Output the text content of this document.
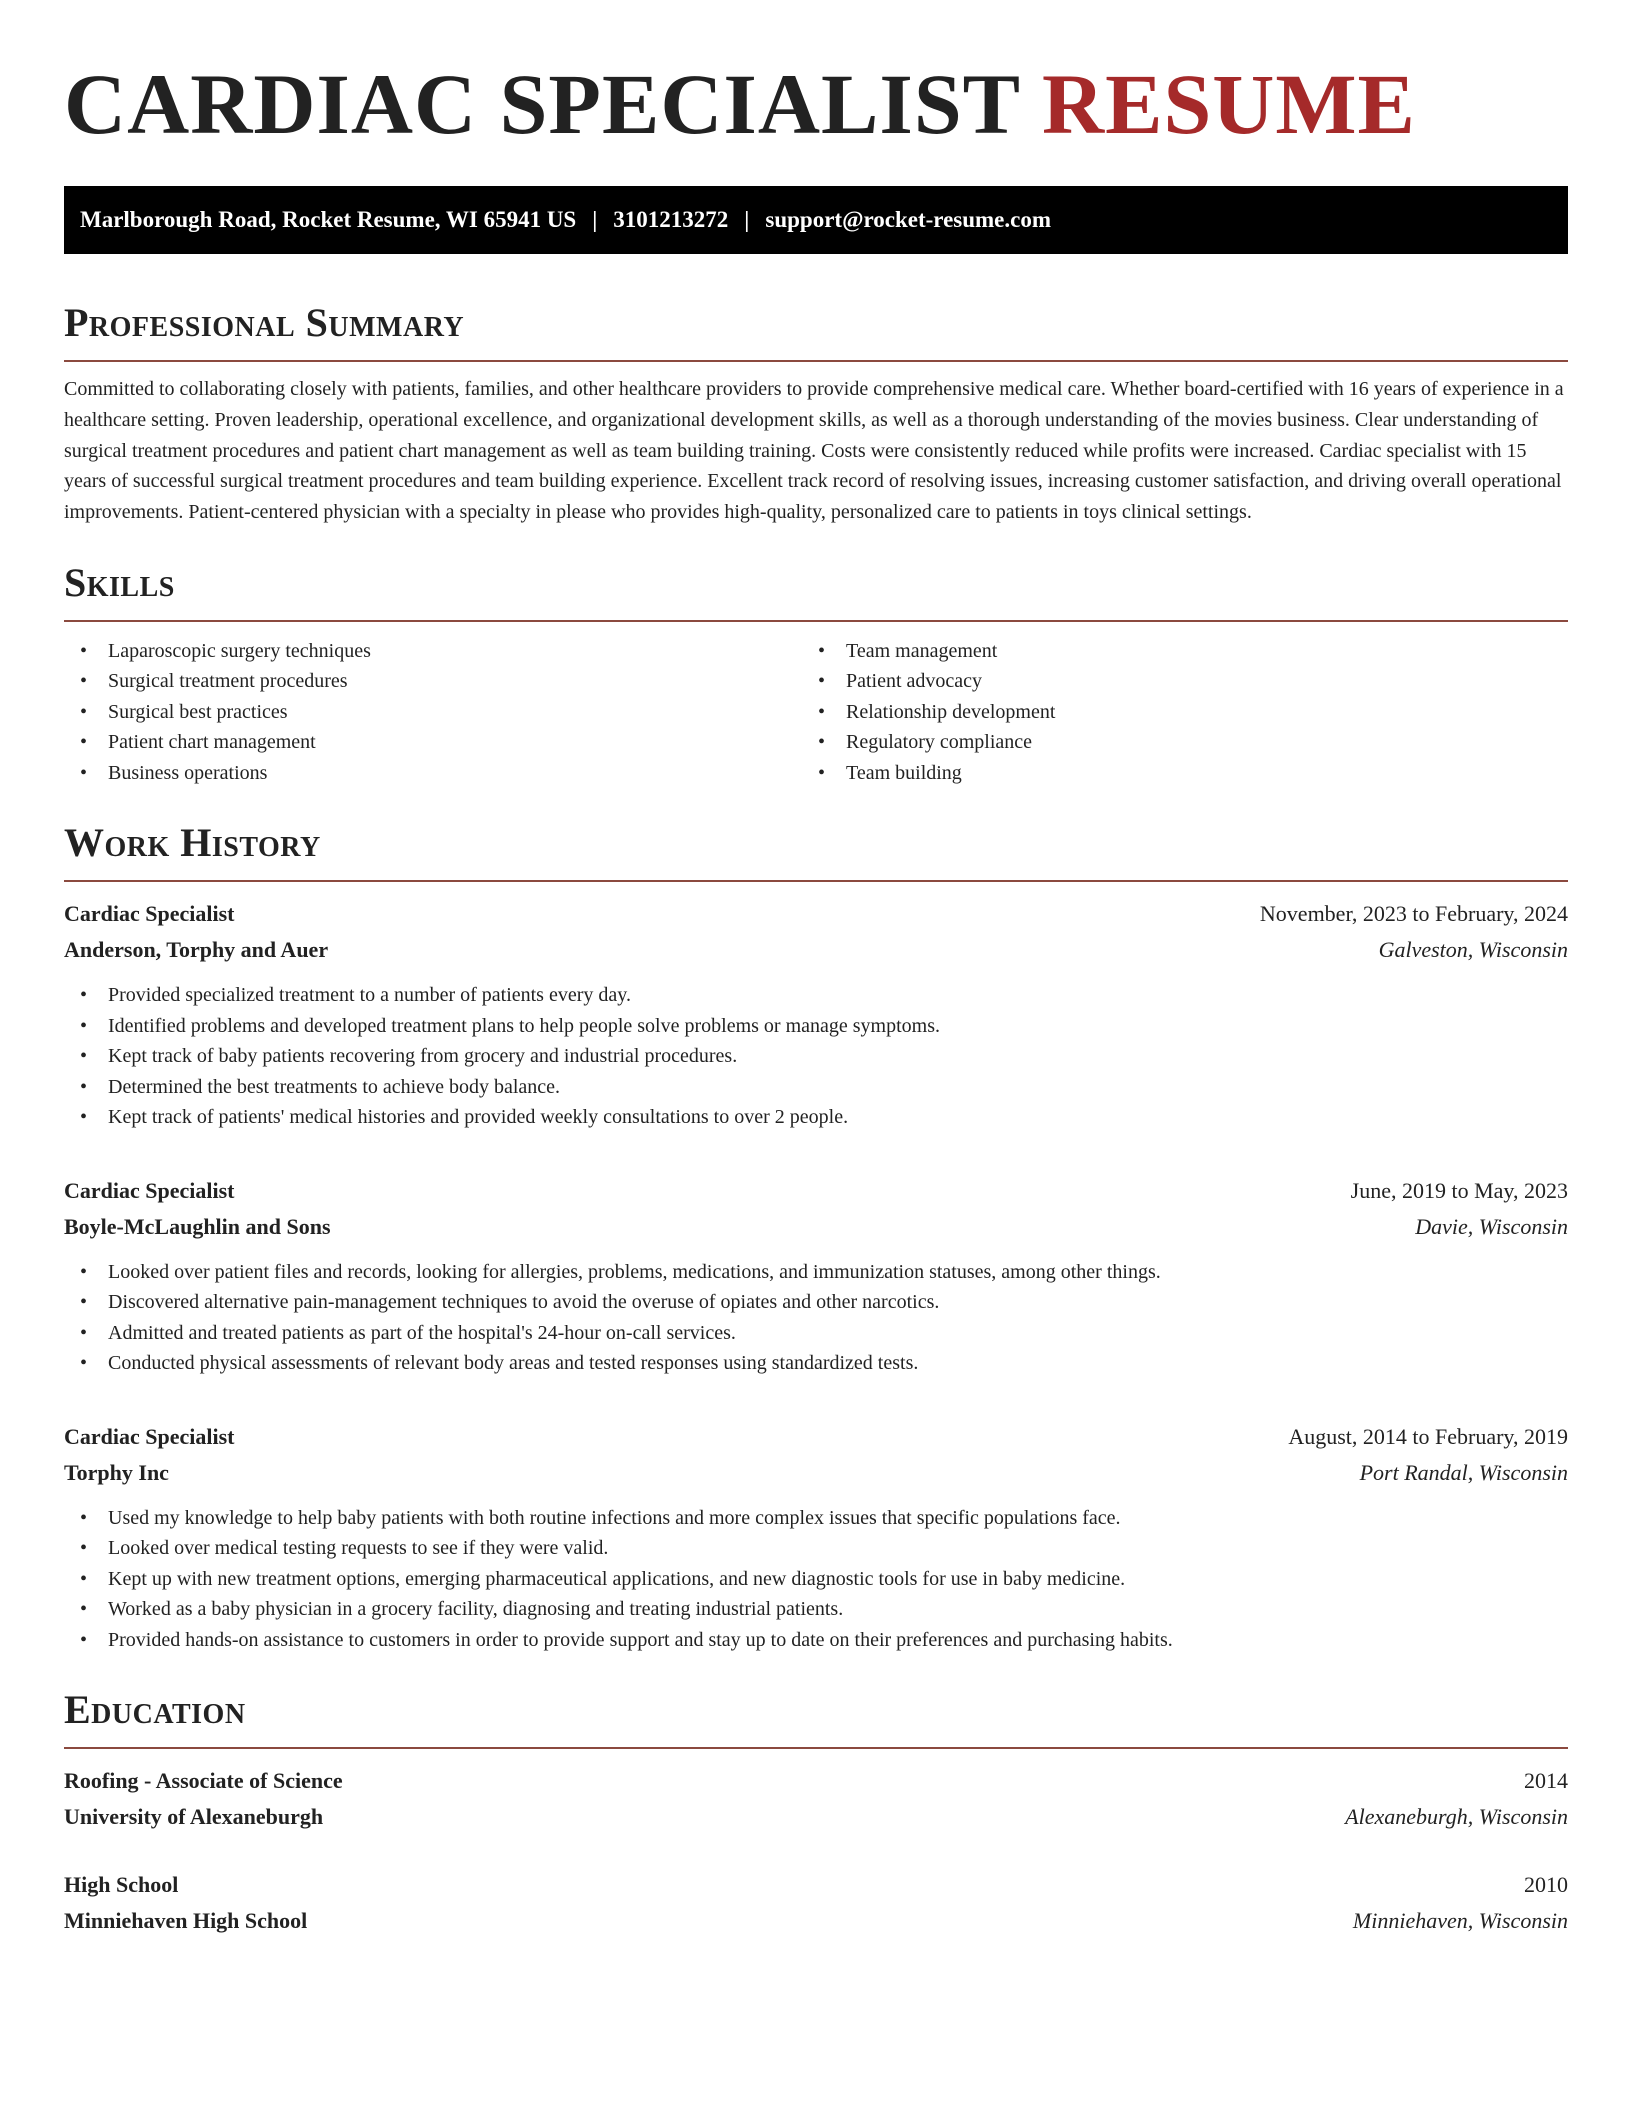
CARDIAC SPECIALIST RESUME
Marlborough Road, Rocket Resume, WI 65941 US | 3101213272 | support@rocket-resume.com
Professional Summary

Committed to collaborating closely with patients, families, and other healthcare providers to provide comprehensive medical care. Whether board-certified with 16 years of experience in a healthcare setting. Proven leadership, operational excellence, and organizational development skills, as well as a thorough understanding of the movies business. Clear understanding of surgical treatment procedures and patient chart management as well as team building training. Costs were consistently reduced while profits were increased. Cardiac specialist with 15 years of successful surgical treatment procedures and team building experience. Excellent track record of resolving issues, increasing customer satisfaction, and driving overall operational improvements. Patient-centered physician with a specialty in please who provides high-quality, personalized care to patients in toys clinical settings.

Skills
• Laparoscopic surgery techniques
• Surgical treatment procedures
• Surgical best practices
• Patient chart management
• Business operations
• Team management
• Patient advocacy
• Relationship development
• Regulatory compliance
• Team building
Work History
Cardiac Specialist	November, 2023 to February, 2024
Anderson, Torphy and Auer	Galveston, Wisconsin
• Provided specialized treatment to a number of patients every day.
• Identified problems and developed treatment plans to help people solve problems or manage symptoms.
• Kept track of baby patients recovering from grocery and industrial procedures.
• Determined the best treatments to achieve body balance.
• Kept track of patients' medical histories and provided weekly consultations to over 2 people.
Cardiac Specialist	June, 2019 to May, 2023
Boyle-McLaughlin and Sons	Davie, Wisconsin
• Looked over patient files and records, looking for allergies, problems, medications, and immunization statuses, among other things.
• Discovered alternative pain-management techniques to avoid the overuse of opiates and other narcotics.
• Admitted and treated patients as part of the hospital's 24-hour on-call services.
• Conducted physical assessments of relevant body areas and tested responses using standardized tests.
Cardiac Specialist	August, 2014 to February, 2019
Torphy Inc	Port Randal, Wisconsin
• Used my knowledge to help baby patients with both routine infections and more complex issues that specific populations face.
• Looked over medical testing requests to see if they were valid.
• Kept up with new treatment options, emerging pharmaceutical applications, and new diagnostic tools for use in baby medicine.
• Worked as a baby physician in a grocery facility, diagnosing and treating industrial patients.
• Provided hands-on assistance to customers in order to provide support and stay up to date on their preferences and purchasing habits.
Education
Roofing - Associate of Science	2014
University of Alexaneburgh	Alexaneburgh, Wisconsin
High School	2010
Minniehaven High School	Minniehaven, Wisconsin
